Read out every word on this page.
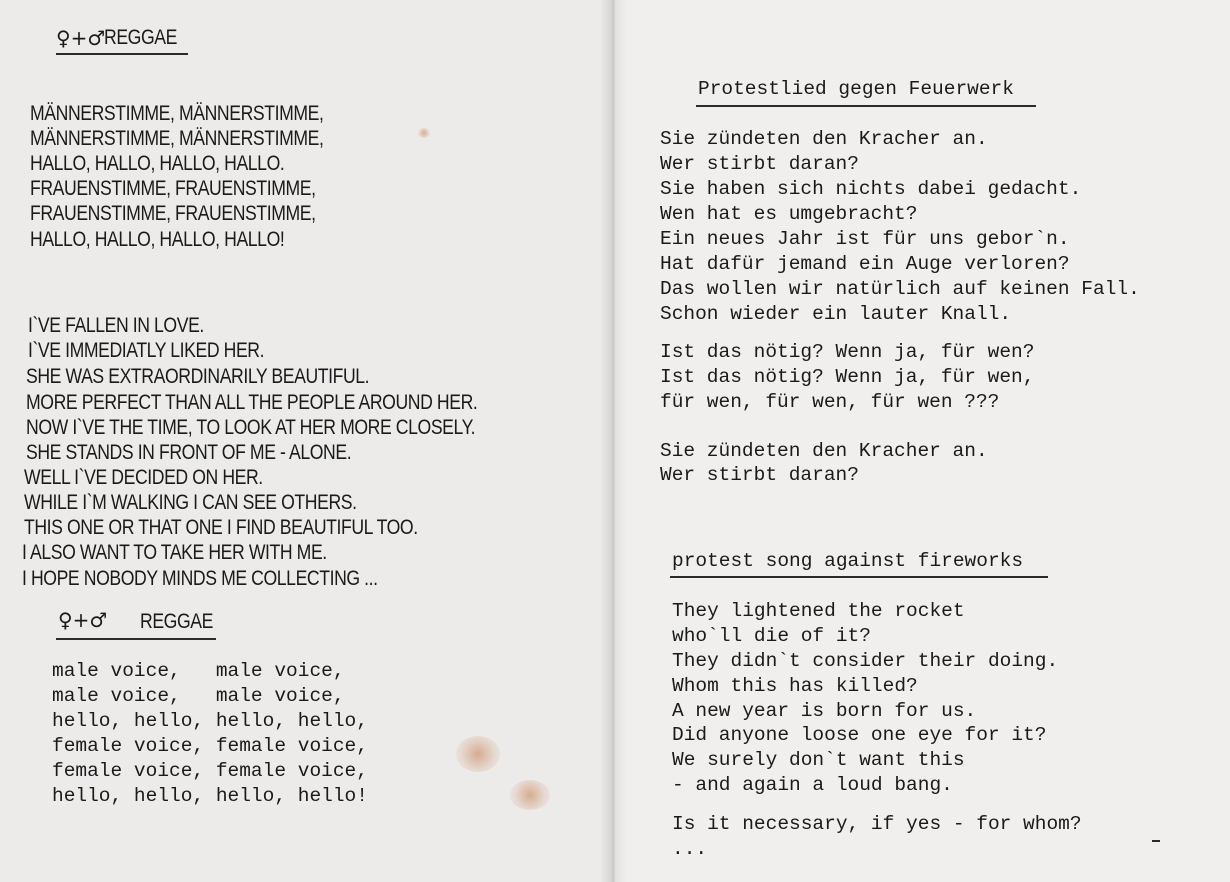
♀+♂
REGGAE
MÄNNERSTIMME, MÄNNERSTIMME,
MÄNNERSTIMME, MÄNNERSTIMME,
HALLO, HALLO, HALLO, HALLO.
FRAUENSTIMME, FRAUENSTIMME,
FRAUENSTIMME, FRAUENSTIMME,
HALLO, HALLO, HALLO, HALLO!
I`VE FALLEN IN LOVE.
I`VE IMMEDIATLY LIKED HER.
SHE WAS EXTRAORDINARILY BEAUTIFUL.
MORE PERFECT THAN ALL THE PEOPLE AROUND HER.
NOW I`VE THE TIME, TO LOOK AT HER MORE CLOSELY.
SHE STANDS IN FRONT OF ME - ALONE.
WELL I`VE DECIDED ON HER.
WHILE I`M WALKING I CAN SEE OTHERS.
THIS ONE OR THAT ONE I FIND BEAUTIFUL TOO.
I ALSO WANT TO TAKE HER WITH ME.
I HOPE NOBODY MINDS ME COLLECTING ...
♀+♂ REGGAE
male voice,   male voice,
male voice,   male voice,
hello, hello, hello, hello,
female voice, female voice,
female voice, female voice,
hello, hello, hello, hello!
Protestlied gegen Feuerwerk
Sie zündeten den Kracher an.
Wer stirbt daran?
Sie haben sich nichts dabei gedacht.
Wen hat es umgebracht?
Ein neues Jahr ist für uns gebor`n.
Hat dafür jemand ein Auge verloren?
Das wollen wir natürlich auf keinen Fall.
Schon wieder ein lauter Knall.
Ist das nötig? Wenn ja, für wen?
Ist das nötig? Wenn ja, für wen,
für wen, für wen, für wen ???
Sie zündeten den Kracher an.
Wer stirbt daran?
protest song against fireworks
They lightened the rocket
who`ll die of it?
They didn`t consider their doing.
Whom this has killed?
A new year is born for us.
Did anyone loose one eye for it?
We surely don`t want this
- and again a loud bang.
Is it necessary, if yes - for whom?
...
